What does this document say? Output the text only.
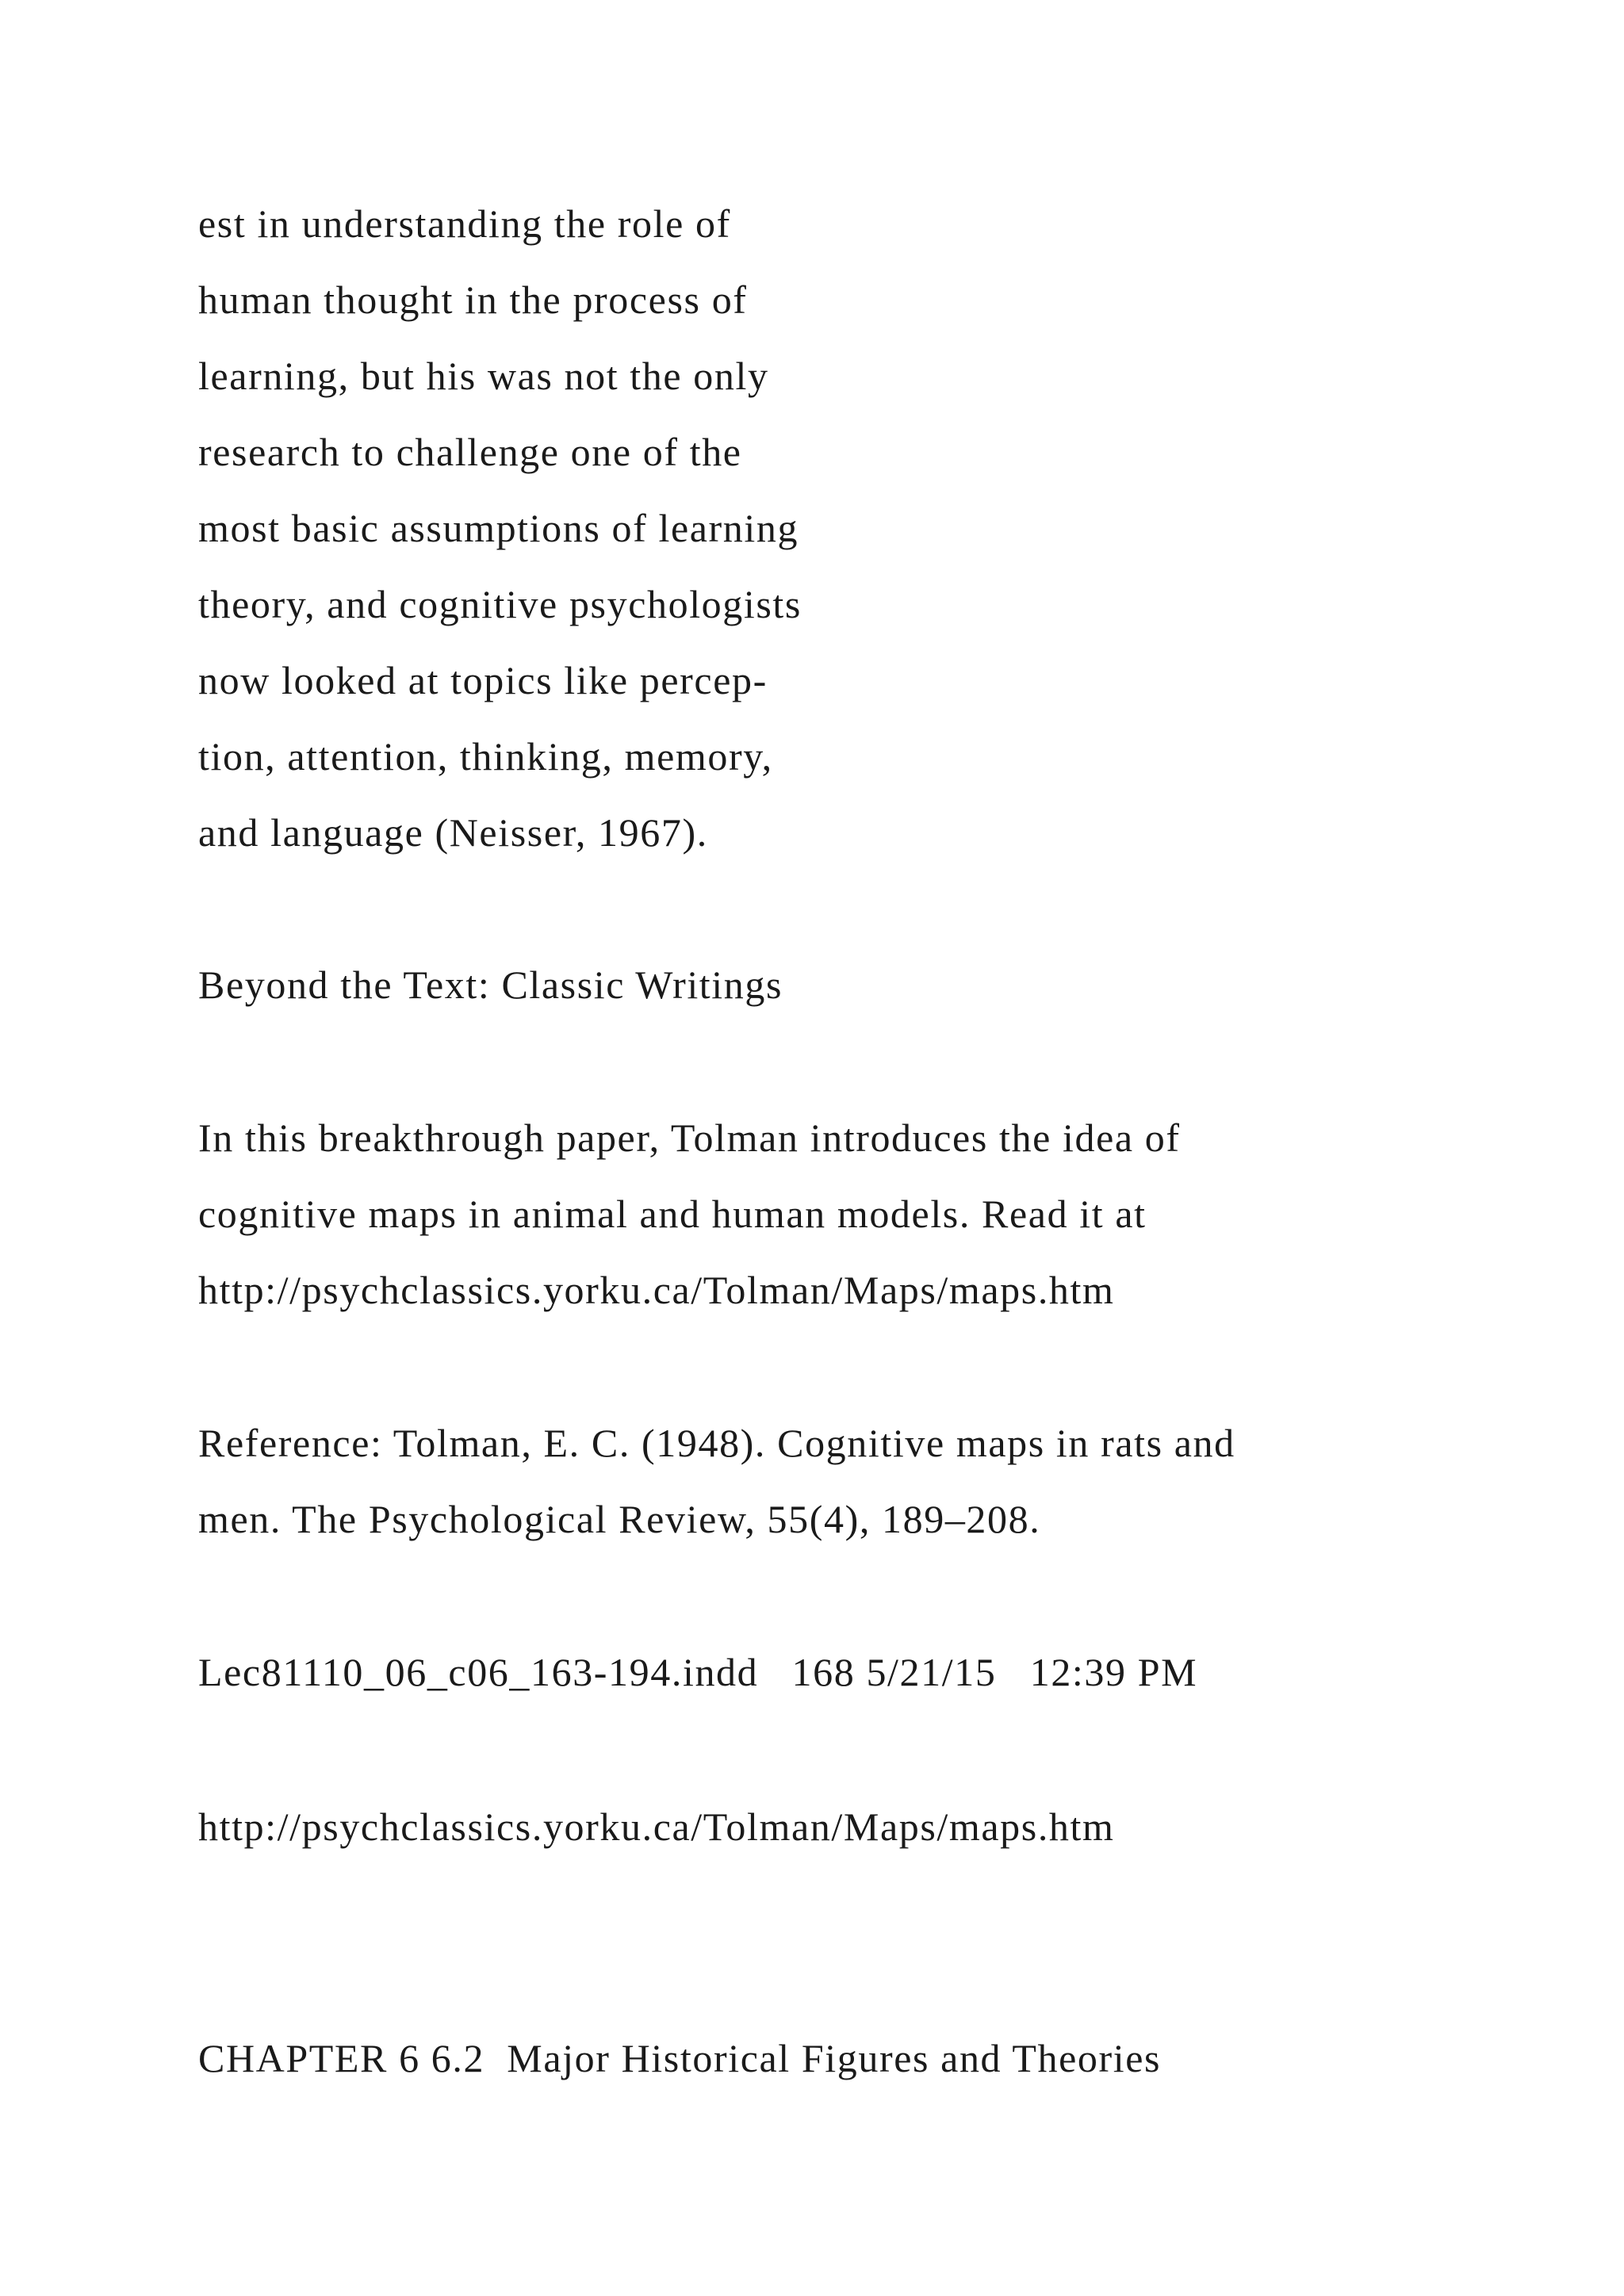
est in understanding the role of

human thought in the process of

learning, but his was not the only

research to challenge one of the

most basic assumptions of learning

theory, and cognitive psychologists

now looked at topics like percep-

tion, attention, thinking, memory,

and language (Neisser, 1967).

Beyond the Text: Classic Writings

In this breakthrough paper, Tolman introduces the idea of

cognitive maps in animal and human models. Read it at

http://psychclassics.yorku.ca/Tolman/Maps/maps.htm

Reference: Tolman, E. C. (1948). Cognitive maps in rats and

men. The Psychological Review, 55(4), 189–208.

Lec81110_06_c06_163-194.indd   168 5/21/15   12:39 PM

http://psychclassics.yorku.ca/Tolman/Maps/maps.htm

CHAPTER 6 6.2  Major Historical Figures and Theories
